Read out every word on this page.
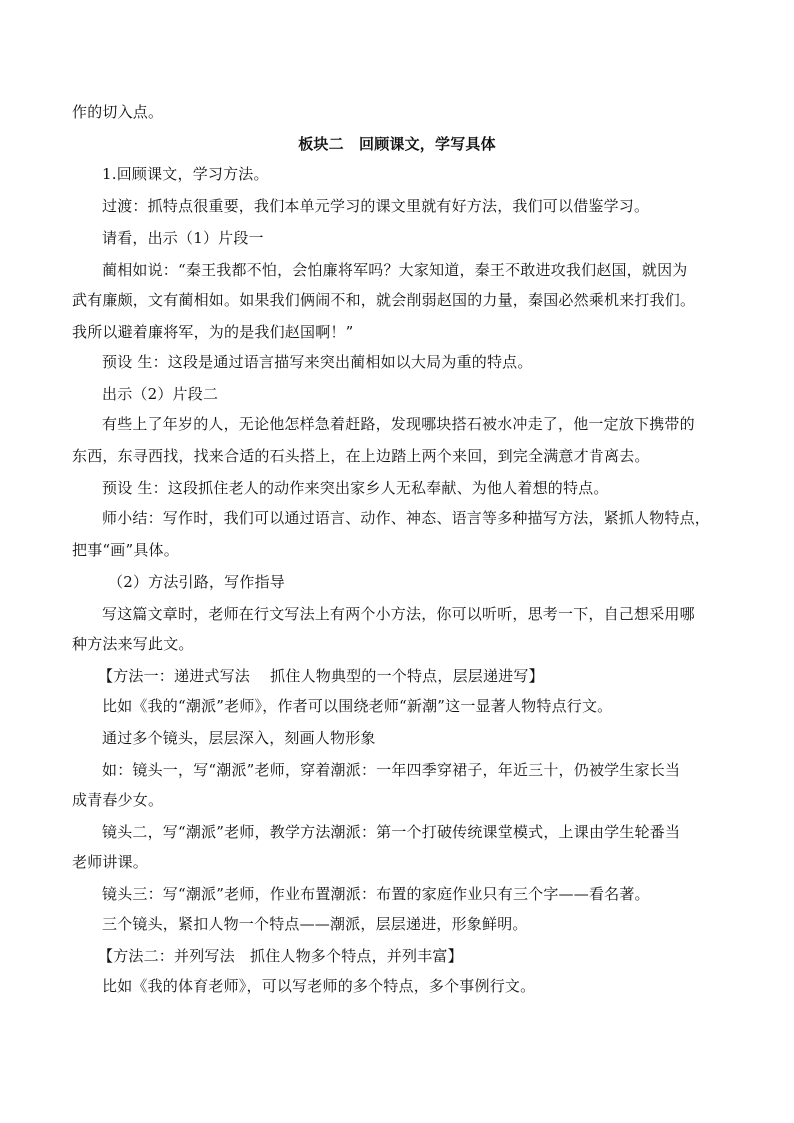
作的切入点。
板块二　回顾课文，学写具体
1.回顾课文，学习方法。
过渡：抓特点很重要，我们本单元学习的课文里就有好方法，我们可以借鉴学习。
请看，出示（1）片段一
蔺相如说：“秦王我都不怕，会怕廉将军吗？大家知道，秦王不敢进攻我们赵国，就因为
武有廉颇，文有蔺相如。如果我们俩闹不和，就会削弱赵国的力量，秦国必然乘机来打我们。
我所以避着廉将军，为的是我们赵国啊！”
预设 生：这段是通过语言描写来突出蔺相如以大局为重的特点。
出示（2）片段二
有些上了年岁的人，无论他怎样急着赶路，发现哪块搭石被水冲走了，他一定放下携带的
东西，东寻西找，找来合适的石头搭上，在上边踏上两个来回，到完全满意才肯离去。
预设 生：这段抓住老人的动作来突出家乡人无私奉献、为他人着想的特点。
师小结：写作时，我们可以通过语言、动作、神态、语言等多种描写方法，紧抓人物特点，
把事“画”具体。
（2）方法引路，写作指导
写这篇文章时，老师在行文写法上有两个小方法，你可以听听，思考一下，自己想采用哪
种方法来写此文。
【方法一：递进式写法　 抓住人物典型的一个特点，层层递进写】
比如《我的“潮派”老师》，作者可以围绕老师“新潮”这一显著人物特点行文。
通过多个镜头，层层深入，刻画人物形象
如：镜头一，写“潮派”老师，穿着潮派：一年四季穿裙子，年近三十，仍被学生家长当
成青春少女。
镜头二，写“潮派”老师，教学方法潮派：第一个打破传统课堂模式，上课由学生轮番当
老师讲课。
镜头三：写“潮派”老师，作业布置潮派：布置的家庭作业只有三个字——看名著。
三个镜头，紧扣人物一个特点——潮派，层层递进，形象鲜明。
【方法二：并列写法　抓住人物多个特点，并列丰富】
比如《我的体育老师》，可以写老师的多个特点，多个事例行文。
